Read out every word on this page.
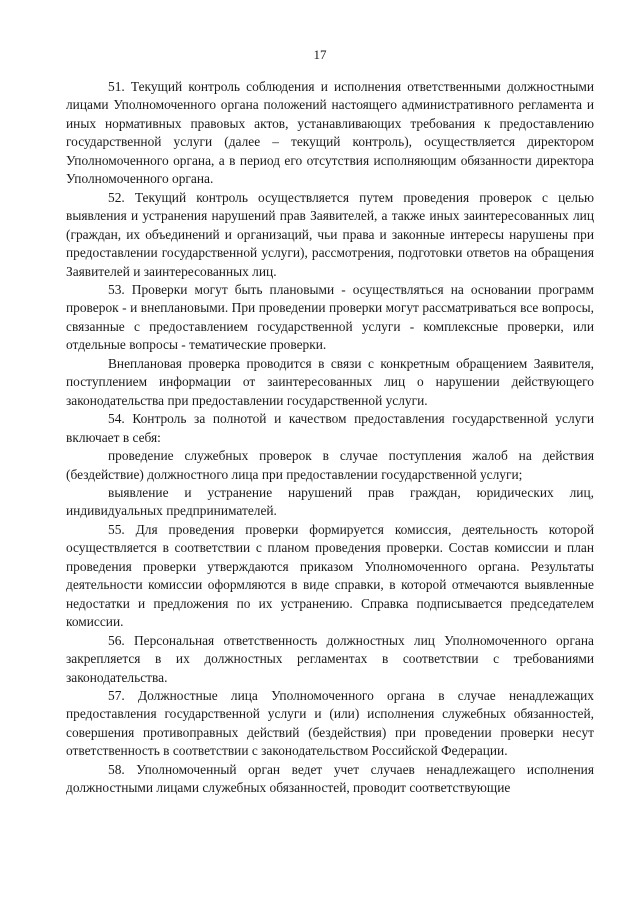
17

51. Текущий контроль соблюдения и исполнения ответственными должностными лицами Уполномоченного органа положений настоящего административного регламента и иных нормативных правовых актов, устанавливающих требования к предоставлению государственной услуги (далее – текущий контроль), осуществляется директором Уполномоченного органа, а в период его отсутствия исполняющим обязанности директора Уполномоченного органа.

52. Текущий контроль осуществляется путем проведения проверок с целью выявления и устранения нарушений прав Заявителей, а также иных заинтересованных лиц (граждан, их объединений и организаций, чьи права и законные интересы нарушены при предоставлении государственной услуги), рассмотрения, подготовки ответов на обращения Заявителей и заинтересованных лиц.

53. Проверки могут быть плановыми - осуществляться на основании программ проверок - и внеплановыми. При проведении проверки могут рассматриваться все вопросы, связанные с предоставлением государственной услуги - комплексные проверки, или отдельные вопросы - тематические проверки.

Внеплановая проверка проводится в связи с конкретным обращением Заявителя, поступлением информации от заинтересованных лиц о нарушении действующего законодательства при предоставлении государственной услуги.

54. Контроль за полнотой и качеством предоставления государственной услуги включает в себя:

проведение служебных проверок в случае поступления жалоб на действия (бездействие) должностного лица при предоставлении государственной услуги;

выявление и устранение нарушений прав граждан, юридических лиц, индивидуальных предпринимателей.

55. Для проведения проверки формируется комиссия, деятельность которой осуществляется в соответствии с планом проведения проверки. Состав комиссии и план проведения проверки утверждаются приказом Уполномоченного органа. Результаты деятельности комиссии оформляются в виде справки, в которой отмечаются выявленные недостатки и предложения по их устранению. Справка подписывается председателем комиссии.

56. Персональная ответственность должностных лиц Уполномоченного органа закрепляется в их должностных регламентах в соответствии с требованиями законодательства.

57. Должностные лица Уполномоченного органа в случае ненадлежащих предоставления государственной услуги и (или) исполнения служебных обязанностей, совершения противоправных действий (бездействия) при проведении проверки несут ответственность в соответствии с законодательством Российской Федерации.

58. Уполномоченный орган ведет учет случаев ненадлежащего исполнения должностными лицами служебных обязанностей, проводит соответствующие
